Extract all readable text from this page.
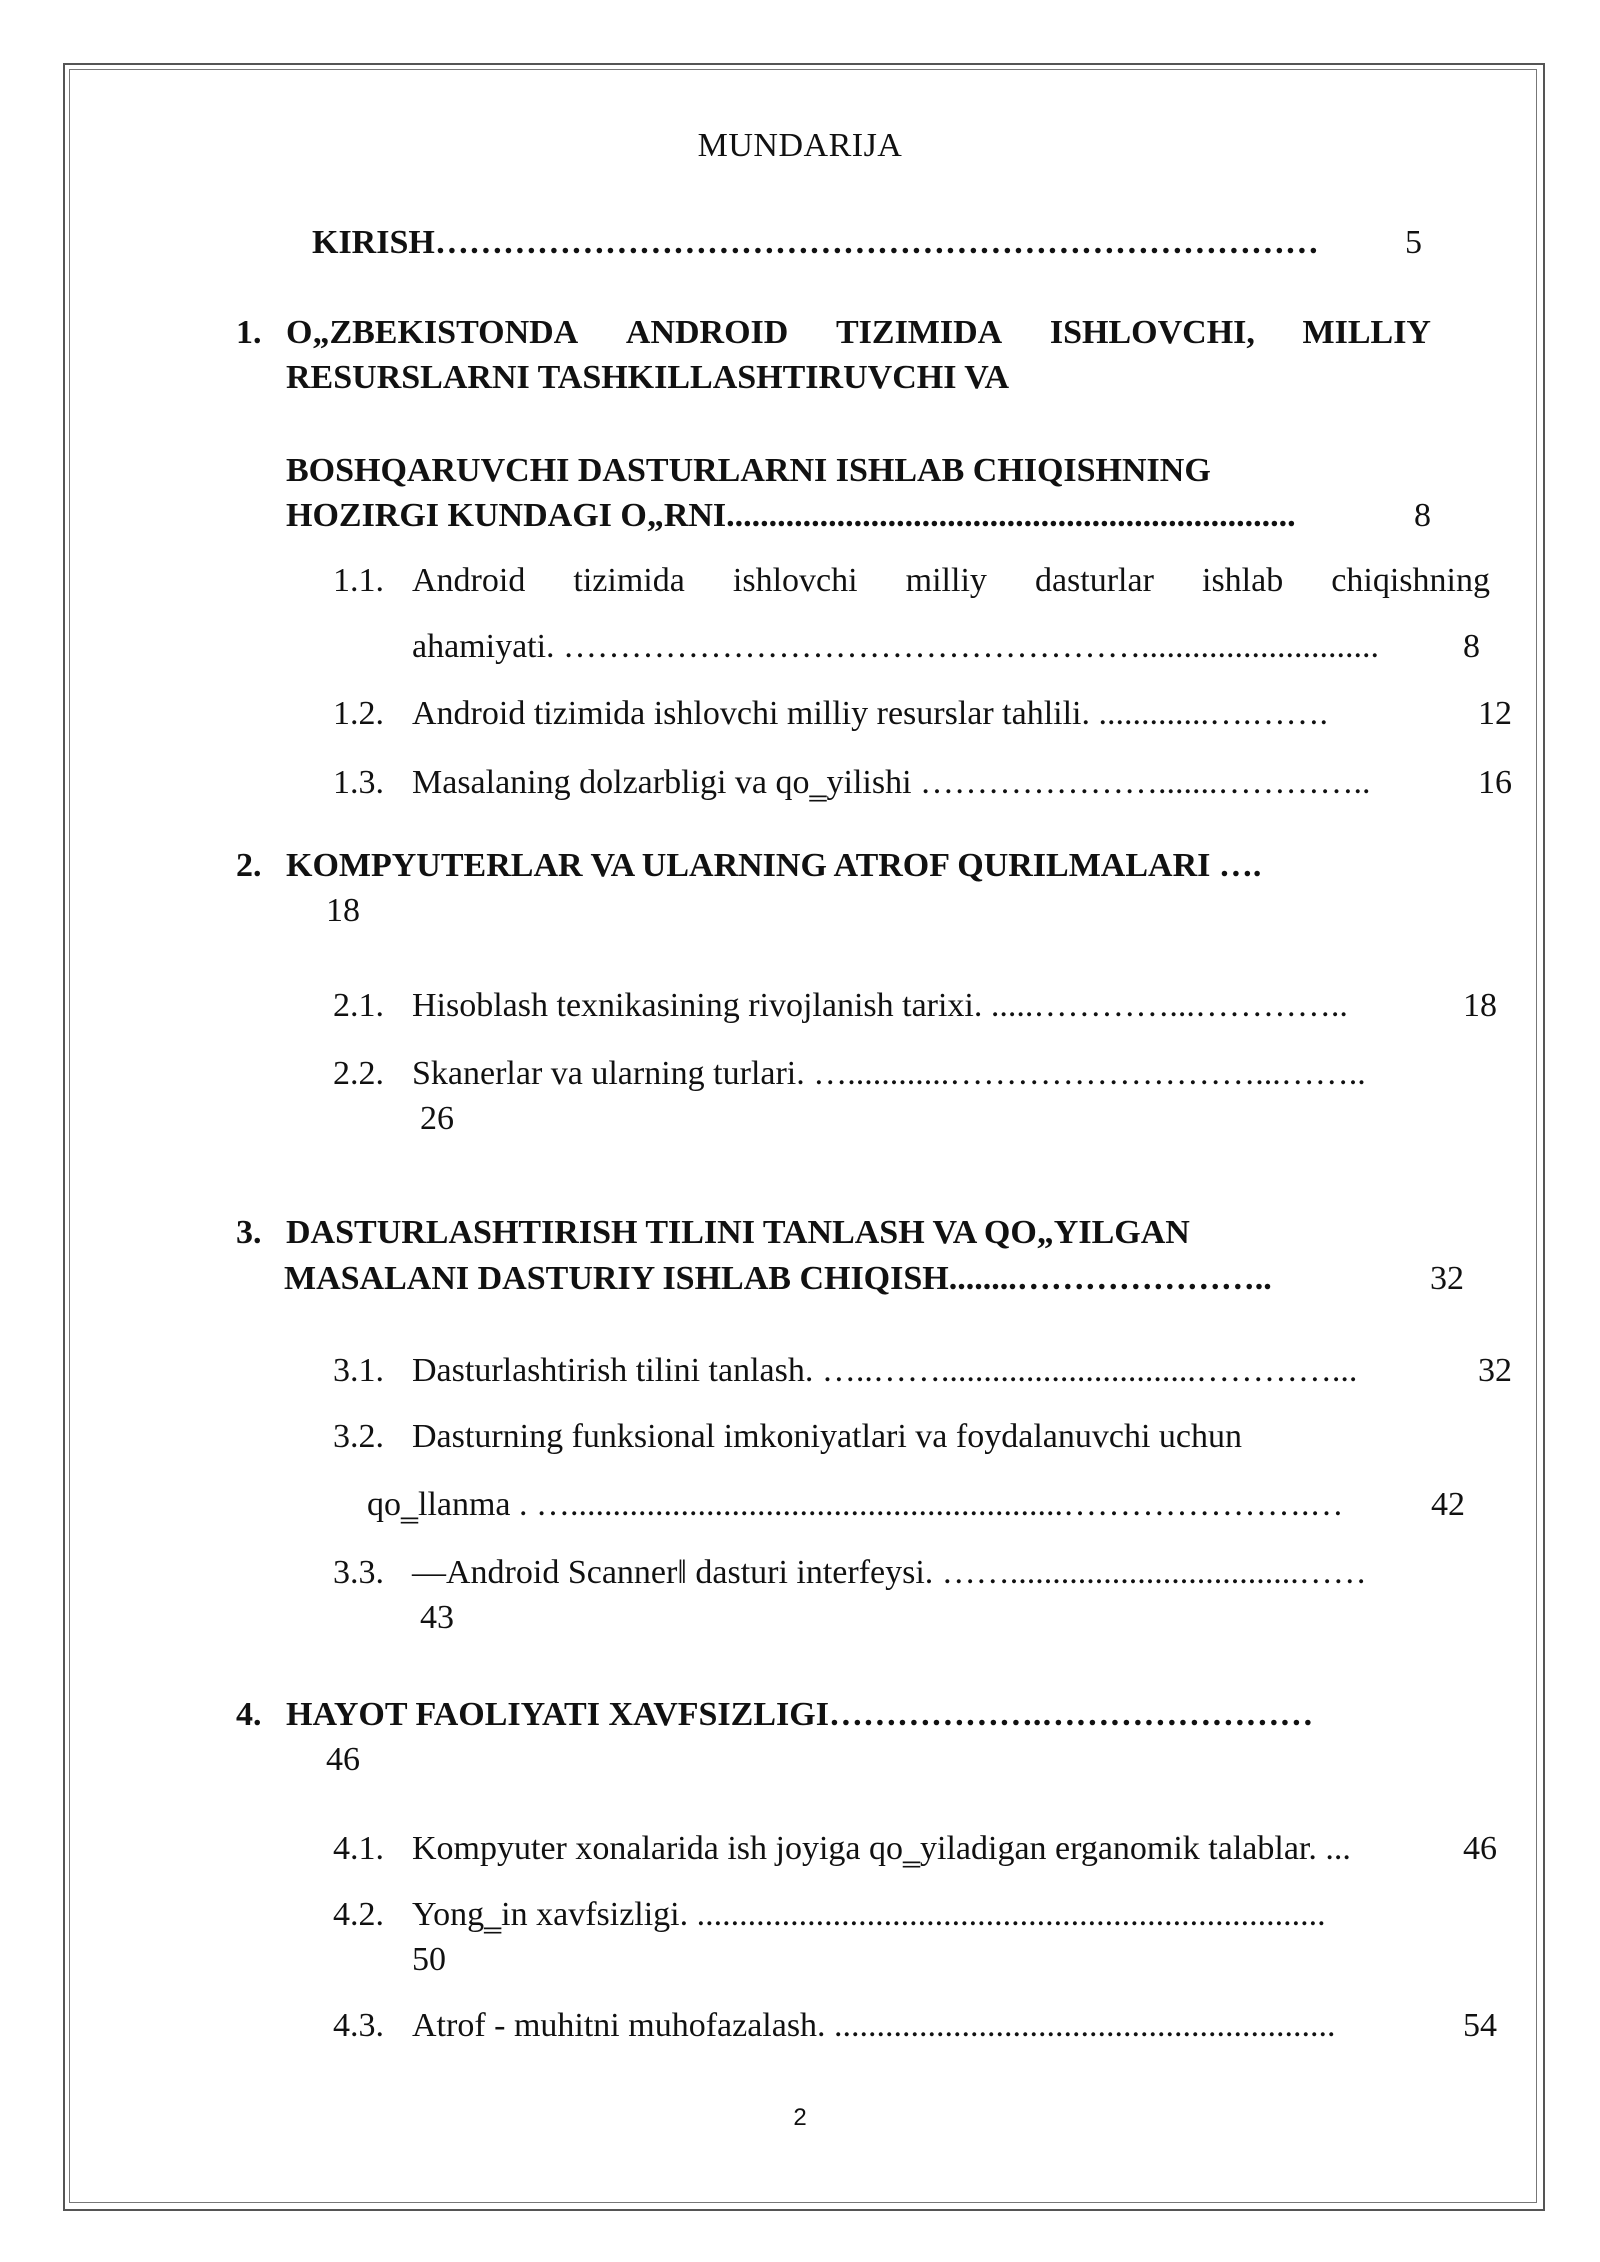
MUNDARIJA
KIRISH ……………………………………………………………………	5
1. O„ZBEKISTONDA ANDROID TIZIMIDA ISHLOVCHI, MILLIY
RESURSLARNI TASHKILLASHTIRUVCHI VA
BOSHQARUVCHI DASTURLARNI ISHLAB CHIQISHNING
HOZIRGI KUNDAGI O„RNI ...................................................................	8
1.1. Android tizimida ishlovchi milliy dasturlar ishlab chiqishning
ahamiyati. ……………………………………………............................	8
1.2. Android tizimida ishlovchi milliy resurslar tahlili. .............….…….	12
1.3. Masalaning dolzarbligi va qo‗yilishi ………………….......…………..	16
2. KOMPYUTERLAR VA ULARNING ATROF QURILMALARI ….
18
2.1. Hisoblash texnikasining rivojlanish tarixi. .....…………...…………..	18
2.2. Skanerlar va ularning turlari. …............………………………...……..
26
3. DASTURLASHTIRISH TILINI TANLASH VA QO„YILGAN
MASALANI DASTURIY ISHLAB CHIQISH........…………………..	32
3.1. Dasturlashtirish tilini tanlash. …..……..............................…………...	32
3.2. Dasturning funksional imkoniyatlari va foydalanuvchi uchun
qo‗llanma . …..........................................................………………….…	42
3.3. ―Android Scanner‖ dasturi interfeysi. ……..................................……
43
4. HAYOT FAOLIYATI XAVFSIZLIGI……………….……………………
46
4.1. Kompyuter xonalarida ish joyiga qo‗yiladigan erganomik talablar. ...	46
4.2. Yong‗in xavfsizligi. ..........................................................................
50
4.3. Atrof - muhitni muhofazalash. ...........................................................	54
2
